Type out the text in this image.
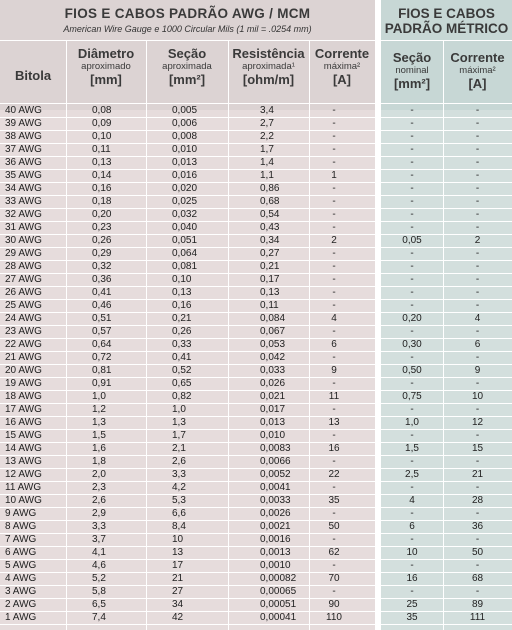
FIOS E CABOS PADRÃO AWG / MCM
American Wire Gauge e 1000 Circular Mils (1 mil = .0254 mm)
Bitola
Diâmetro
aproximado
[mm]
Seção
aproximada
[mm²]
Resistência
aproximada¹
[ohm/m]
Corrente
máxima²
[A]
40 AWG	0,08	0,005	3,4	-
39 AWG	0,09	0,006	2,7	-
38 AWG	0,10	0,008	2,2	-
37 AWG	0,11	0,010	1,7	-
36 AWG	0,13	0,013	1,4	-
35 AWG	0,14	0,016	1,1	1
34 AWG	0,16	0,020	0,86	-
33 AWG	0,18	0,025	0,68	-
32 AWG	0,20	0,032	0,54	-
31 AWG	0,23	0,040	0,43	-
30 AWG	0,26	0,051	0,34	2
29 AWG	0,29	0,064	0,27	-
28 AWG	0,32	0,081	0,21	-
27 AWG	0,36	0,10	0,17	-
26 AWG	0,41	0,13	0,13	-
25 AWG	0,46	0,16	0,11	-
24 AWG	0,51	0,21	0,084	4
23 AWG	0,57	0,26	0,067	-
22 AWG	0,64	0,33	0,053	6
21 AWG	0,72	0,41	0,042	-
20 AWG	0,81	0,52	0,033	9
19 AWG	0,91	0,65	0,026	-
18 AWG	1,0	0,82	0,021	11
17 AWG	1,2	1,0	0,017	-
16 AWG	1,3	1,3	0,013	13
15 AWG	1,5	1,7	0,010	-
14 AWG	1,6	2,1	0,0083	16
13 AWG	1,8	2,6	0,0066	-
12 AWG	2,0	3,3	0,0052	22
11 AWG	2,3	4,2	0,0041	-
10 AWG	2,6	5,3	0,0033	35
9 AWG	2,9	6,6	0,0026	-
8 AWG	3,3	8,4	0,0021	50
7 AWG	3,7	10	0,0016	-
6 AWG	4,1	13	0,0013	62
5 AWG	4,6	17	0,0010	-
4 AWG	5,2	21	0,00082	70
3 AWG	5,8	27	0,00065	-
2 AWG	6,5	34	0,00051	90
1 AWG	7,4	42	0,00041	110
FIOS E CABOS
PADRÃO MÉTRICO
Seção
nominal
[mm²]
Corrente
máxima²
[A]
-	-
-	-
-	-
-	-
-	-
-	-
-	-
-	-
-	-
-	-
0,05	2
-	-
-	-
-	-
-	-
-	-
0,20	4
-	-
0,30	6
-	-
0,50	9
-	-
0,75	10
-	-
1,0	12
-	-
1,5	15
-	-
2,5	21
-	-
4	28
-	-
6	36
-	-
10	50
-	-
16	68
-	-
25	89
35	111
